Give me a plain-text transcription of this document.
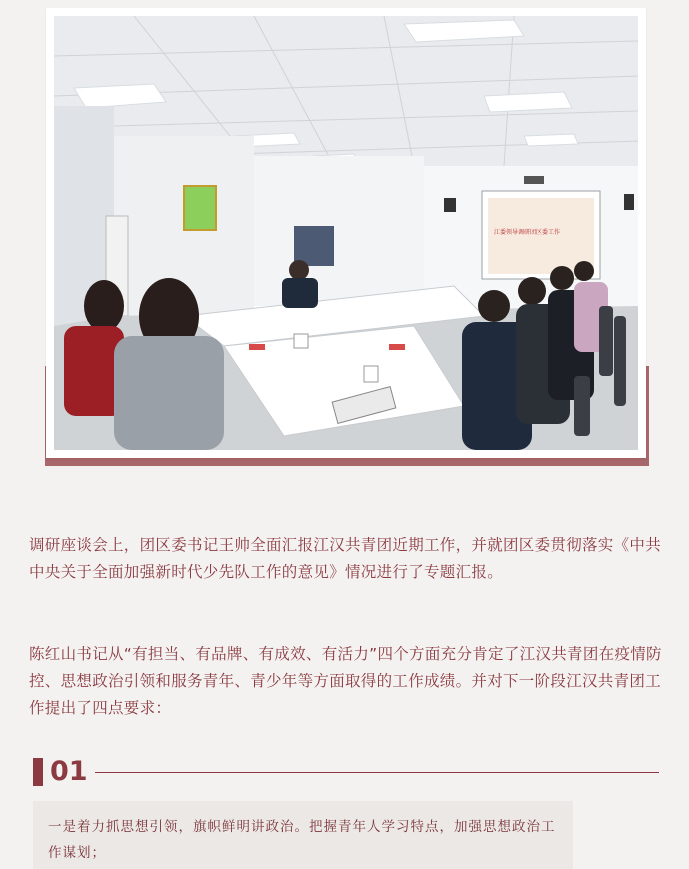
江委领导调研团区委工作
调研座谈会上，团区委书记王帅全面汇报江汉共青团近期工作，并就团区委贯彻落实《中共中央关于全面加强新时代少先队工作的意见》情况进行了专题汇报。
陈红山书记从“有担当、有品牌、有成效、有活力”四个方面充分肯定了江汉共青团在疫情防控、思想政治引领和服务青年、青少年等方面取得的工作成绩。并对下一阶段江汉共青团工作提出了四点要求：
01
一是着力抓思想引领，旗帜鲜明讲政治。把握青年人学习特点，加强思想政治工作谋划；
